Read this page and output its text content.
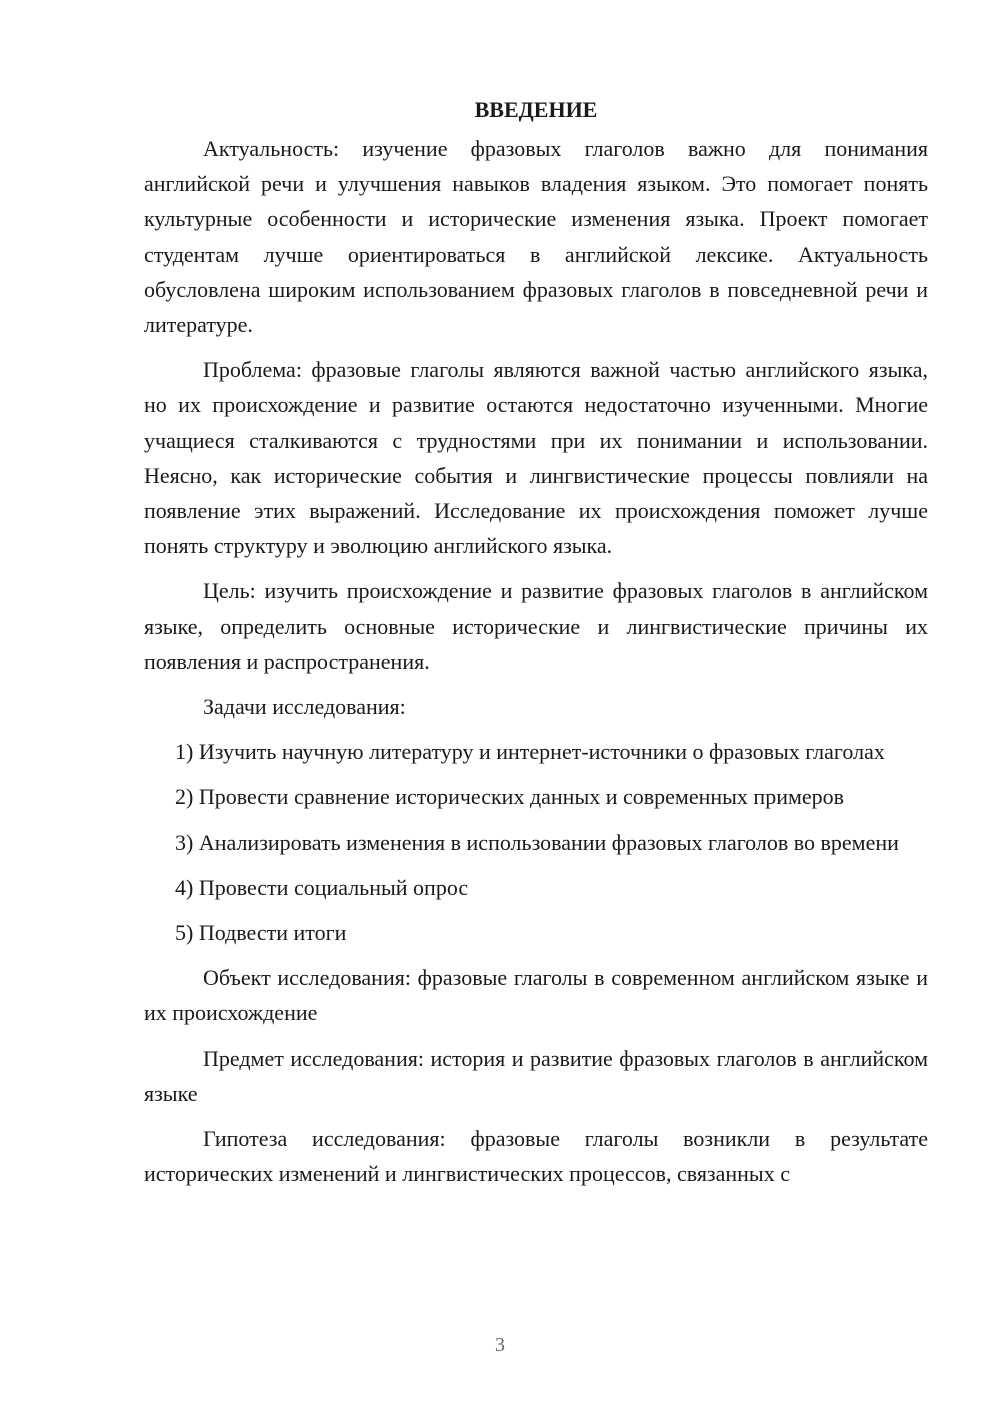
ВВЕДЕНИЕ

Актуальность: изучение фразовых глаголов важно для понимания английской речи и улучшения навыков владения языком. Это помогает понять культурные особенности и исторические изменения языка. Проект помогает студентам лучше ориентироваться в английской лексике. Актуальность обусловлена широким использованием фразовых глаголов в повседневной речи и литературе.

Проблема: фразовые глаголы являются важной частью английского языка, но их происхождение и развитие остаются недостаточно изученными. Многие учащиеся сталкиваются с трудностями при их понимании и использовании. Неясно, как исторические события и лингвистические процессы повлияли на появление этих выражений. Исследование их происхождения поможет лучше понять структуру и эволюцию английского языка.

Цель: изучить происхождение и развитие фразовых глаголов в английском языке, определить основные исторические и лингвистические причины их появления и распространения.

Задачи исследования:

1) Изучить научную литературу и интернет-источники о фразовых глаголах

2) Провести сравнение исторических данных и современных примеров

3) Анализировать изменения в использовании фразовых глаголов во времени

4) Провести социальный опрос

5) Подвести итоги

Объект исследования: фразовые глаголы в современном английском языке и их происхождение

Предмет исследования: история и развитие фразовых глаголов в английском языке

Гипотеза исследования: фразовые глаголы возникли в результате исторических изменений и лингвистических процессов, связанных с

3
